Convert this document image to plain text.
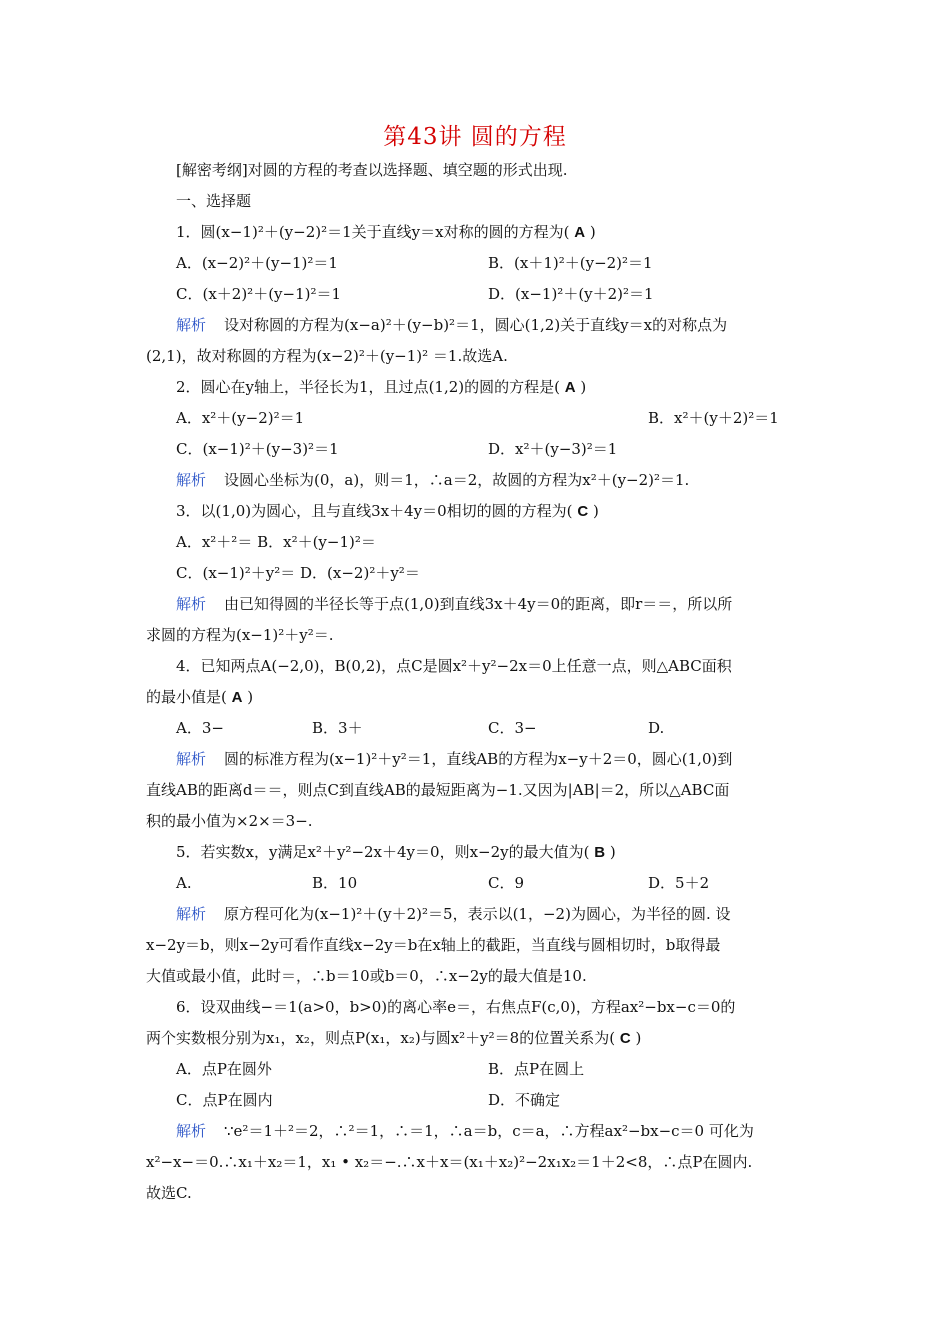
第43讲 圆的方程
[解密考纲]对圆的方程的考查以选择题、填空题的形式出现.
一、选择题
1．圆(x−1)²＋(y−2)²＝1关于直线y＝x对称的圆的方程为( A )
A．(x−2)²＋(y−1)²＝1	B．(x＋1)²＋(y−2)²＝1
C．(x＋2)²＋(y−1)²＝1	D．(x−1)²＋(y＋2)²＝1
解析 设对称圆的方程为(x−a)²＋(y−b)²＝1，圆心(1,2)关于直线y＝x的对称点为
(2,1)，故对称圆的方程为(x−2)²＋(y−1)² ＝1.故选A.
2．圆心在y轴上，半径长为1，且过点(1,2)的圆的方程是( A )
A．x²＋(y−2)²＝1	B．x²＋(y＋2)²＝1
C．(x−1)²＋(y−3)²＝1	D．x²＋(y−3)²＝1
解析 设圆心坐标为(0，a)，则＝1，∴a＝2，故圆的方程为x²＋(y−2)²＝1.
3．以(1,0)为圆心，且与直线3x＋4y＝0相切的圆的方程为( C )
A．x²＋²＝ B．x²＋(y−1)²＝
C．(x−1)²＋y²＝ D．(x−2)²＋y²＝
解析 由已知得圆的半径长等于点(1,0)到直线3x＋4y＝0的距离，即r＝＝，所以所
求圆的方程为(x−1)²＋y²＝.
4．已知两点A(−2,0)，B(0,2)，点C是圆x²＋y²−2x＝0上任意一点，则△ABC面积
的最小值是( A )
A．3−	B．3＋	C．3−	D.
解析 圆的标准方程为(x−1)²＋y²＝1，直线AB的方程为x−y＋2＝0，圆心(1,0)到
直线AB的距离d＝＝，则点C到直线AB的最短距离为−1.又因为|AB|＝2，所以△ABC面
积的最小值为×2×＝3−.
5．若实数x，y满足x²＋y²−2x＋4y＝0，则x−2y的最大值为( B )
A.	B．10	C．9	D．5＋2
解析 原方程可化为(x−1)²＋(y＋2)²＝5，表示以(1，−2)为圆心，为半径的圆. 设
x−2y＝b，则x−2y可看作直线x−2y＝b在x轴上的截距，当直线与圆相切时，b取得最
大值或最小值，此时＝，∴b＝10或b＝0，∴x−2y的最大值是10.
6．设双曲线−＝1(a>0，b>0)的离心率e＝，右焦点F(c,0)，方程ax²−bx−c＝0的
两个实数根分别为x₁，x₂，则点P(x₁，x₂)与圆x²＋y²＝8的位置关系为( C )
A．点P在圆外	B．点P在圆上
C．点P在圆内	D．不确定
解析 ∵e²＝1＋²＝2，∴²＝1，∴＝1，∴a＝b，c＝a，∴方程ax²−bx−c＝0 可化为
x²−x−＝0.∴x₁＋x₂＝1，x₁ • x₂＝−.∴x＋x＝(x₁＋x₂)²−2x₁x₂＝1＋2<8，∴点P在圆内.
故选C.
